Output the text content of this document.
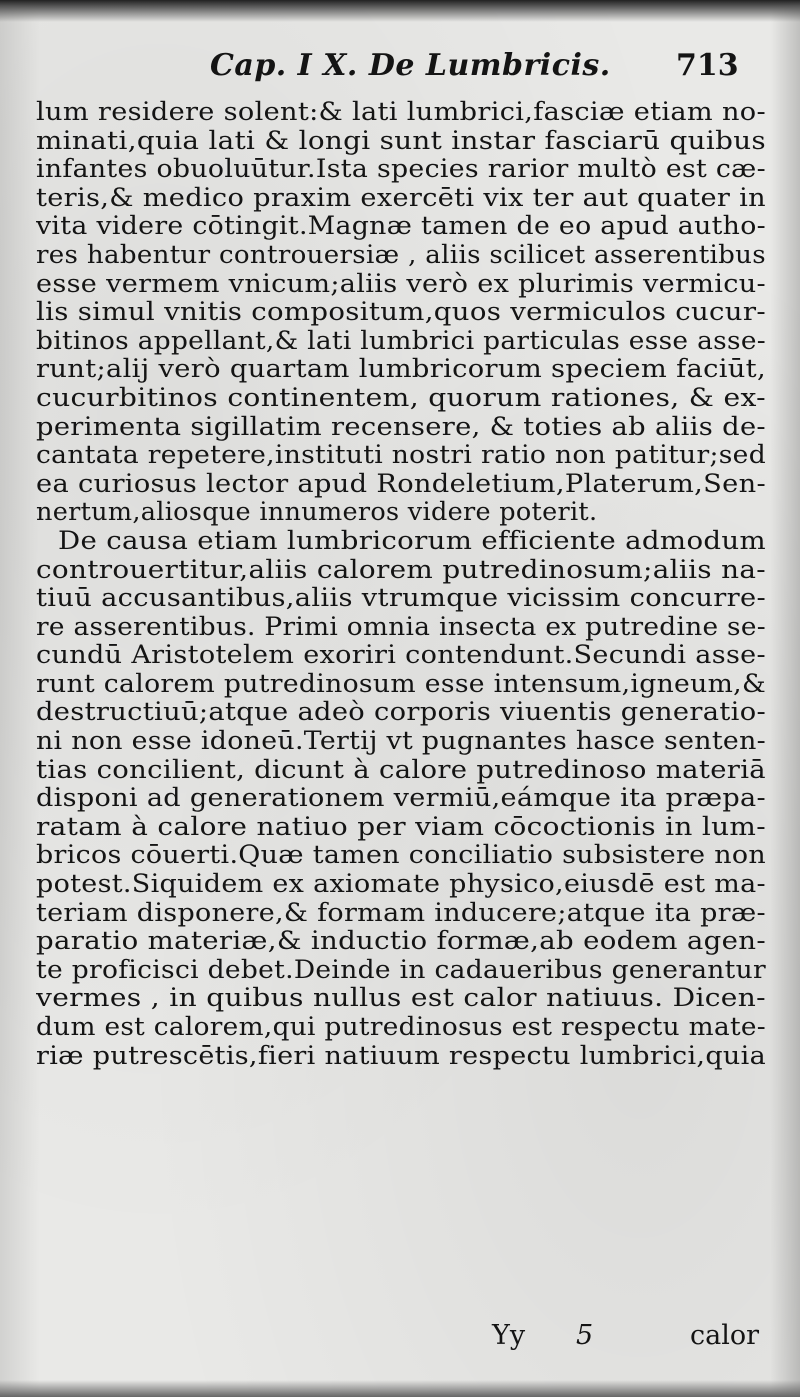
Cap. I X. De Lumbricis. 713
lum residere solent:& lati lumbrici,fasciæ etiam no-
minati,quia lati & longi sunt instar fasciarū quibus
infantes obuoluūtur.Ista species rarior multò est cæ-
teris,& medico praxim exercēti vix ter aut quater in
vita videre cōtingit.Magnæ tamen de eo apud autho-
res habentur controuersiæ , aliis scilicet asserentibus
esse vermem vnicum;aliis verò ex plurimis vermicu-
lis simul vnitis compositum,quos vermiculos cucur-
bitinos appellant,& lati lumbrici particulas esse asse-
runt;alij verò quartam lumbricorum speciem faciūt,
cucurbitinos continentem, quorum rationes, & ex-
perimenta sigillatim recensere, & toties ab aliis de-
cantata repetere,instituti nostri ratio non patitur;sed
ea curiosus lector apud Rondeletium,Platerum,Sen-
nertum,aliosque innumeros videre poterit.
De causa etiam lumbricorum efficiente admodum
controuertitur,aliis calorem putredinosum;aliis na-
tiuū accusantibus,aliis vtrumque vicissim concurre-
re asserentibus. Primi omnia insecta ex putredine se-
cundū Aristotelem exoriri contendunt.Secundi asse-
runt calorem putredinosum esse intensum,igneum,&
destructiuū;atque adeò corporis viuentis generatio-
ni non esse idoneū.Tertij vt pugnantes hasce senten-
tias concilient, dicunt à calore putredinoso materiā
disponi ad generationem vermiū,eámque ita præpa-
ratam à calore natiuo per viam cōcoctionis in lum-
bricos cōuerti.Quæ tamen conciliatio subsistere non
potest.Siquidem ex axiomate physico,eiusdē est ma-
teriam disponere,& formam inducere;atque ita præ-
paratio materiæ,& inductio formæ,ab eodem agen-
te proficisci debet.Deinde in cadaueribus generantur
vermes , in quibus nullus est calor natiuus. Dicen-
dum est calorem,qui putredinosus est respectu mate-
riæ putrescētis,fieri natiuum respectu lumbrici,quia
Yy 5	calor
